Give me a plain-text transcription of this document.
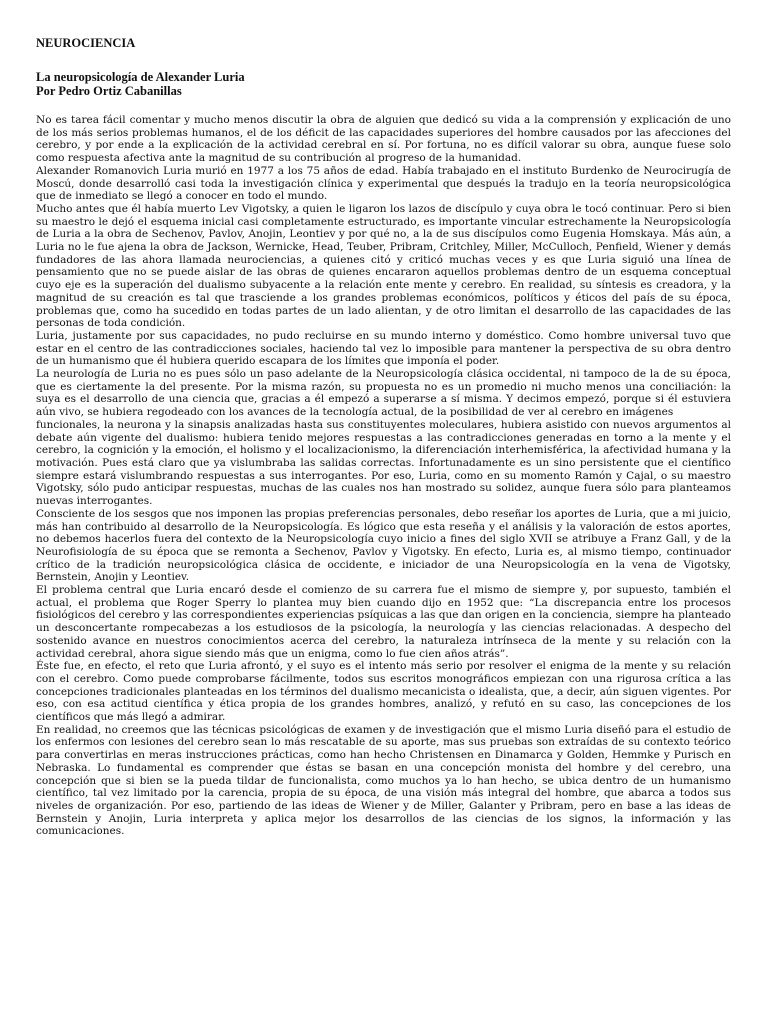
NEUROCIENCIA

La neuropsicología de Alexander Luria

Por Pedro Ortiz Cabanillas

No es tarea fácil comentar y mucho menos discutir la obra de alguien que dedicó su vida a la comprensión y explicación de uno de los más serios problemas humanos, el de los déficit de las capacidades superiores del hombre causados por las afecciones del cerebro, y por ende a la explicación de la actividad cerebral en sí. Por fortuna, no es difícil valorar su obra, aunque fuese solo como respuesta afectiva ante la magnitud de su contribución al progreso de la humanidad.

Alexander Romanovich Luria murió en 1977 a los 75 años de edad. Había trabajado en el instituto Burdenko de Neurocirugía de Moscú, donde desarrolló casi toda la investigación clínica y experimental que después la tradujo en la teoría neuropsicológica que de inmediato se llegó a conocer en todo el mundo.

Mucho antes que él había muerto Lev Vigotsky, a quien le ligaron los lazos de discípulo y cuya obra le tocó continuar. Pero si bien su maestro le dejó el esquema inicial casi completamente estructurado, es importante vincular estrechamente la Neuropsicología de Luria a la obra de Sechenov, Pavlov, Anojin, Leontiev y por qué no, a la de sus discípulos como Eugenia Homskaya. Más aún, a Luria no le fue ajena la obra de Jackson, Wernicke, Head, Teuber, Pribram, Critchley, Miller, McCulloch, Penfield, Wiener y demás fundadores de las ahora llamada neurociencias, a quienes citó y criticó muchas veces y es que Luria siguió una línea de pensamiento que no se puede aislar de las obras de quienes encararon aquellos problemas dentro de un esquema conceptual cuyo eje es la superación del dualismo subyacente a la relación ente mente y cerebro. En realidad, su síntesis es creadora, y la magnitud de su creación es tal que trasciende a los grandes problemas económicos, políticos y éticos del país de su época, problemas que, como ha sucedido en todas partes de un lado alientan, y de otro limitan el desarrollo de las capacidades de las personas de toda condición.

Luria, justamente por sus capacidades, no pudo recluirse en su mundo interno y doméstico. Como hombre universal tuvo que estar en el centro de las contradicciones sociales, haciendo tal vez lo imposible para mantener la perspectiva de su obra dentro de un humanismo que él hubiera querido escapara de los límites que imponía el poder.

La neurología de Luria no es pues sólo un paso adelante de la Neuropsicología clásica occidental, ni tampoco de la de su época, que es ciertamente la del presente. Por la misma razón, su propuesta no es un promedio ni mucho menos una conciliación: la suya es el desarrollo de una ciencia que, gracias a él empezó a superarse a sí misma. Y decimos empezó, porque si él estuviera aún vivo, se hubiera regodeado con los avances de la tecnología actual, de la posibilidad de ver al cerebro en imágenes

funcionales, la neurona y la sinapsis analizadas hasta sus constituyentes moleculares, hubiera asistido con nuevos argumentos al debate aún vigente del dualismo: hubiera tenido mejores respuestas a las contradicciones generadas en torno a la mente y el cerebro, la cognición y la emoción, el holismo y el localizacionismo, la diferenciación interhemisférica, la afectividad humana y la motivación. Pues está claro que ya vislumbraba las salidas correctas. Infortunadamente es un sino persistente que el científico siempre estará vislumbrando respuestas a sus interrogantes. Por eso, Luria, como en su momento Ramón y Cajal, o su maestro Vigotsky, sólo pudo anticipar respuestas, muchas de las cuales nos han mostrado su solidez, aunque fuera sólo para planteamos nuevas interrogantes.

Consciente de los sesgos que nos imponen las propias preferencias personales, debo reseñar los aportes de Luria, que a mi juicio, más han contribuido al desarrollo de la Neuropsicología. Es lógico que esta reseña y el análisis y la valoración de estos aportes, no debemos hacerlos fuera del contexto de la Neuropsicología cuyo inicio a fines del siglo XVII se atribuye a Franz Gall, y de la Neurofisiología de su época que se remonta a Sechenov, Pavlov y Vigotsky. En efecto, Luria es, al mismo tiempo, continuador crítico de la tradición neuropsicológica clásica de occidente, e iniciador de una Neuropsicología en la vena de Vigotsky, Bernstein, Anojin y Leontiev.

El problema central que Luria encaró desde el comienzo de su carrera fue el mismo de siempre y, por supuesto, también el actual, el problema que Roger Sperry lo plantea muy bien cuando dijo en 1952 que: “La discrepancia entre los procesos fisiológicos del cerebro y las correspondientes experiencias psíquicas a las que dan origen en la conciencia, siempre ha planteado un desconcertante rompecabezas a los estudiosos de la psicología, la neurología y las ciencias relacionadas. A despecho del sostenido avance en nuestros conocimientos acerca del cerebro, la naturaleza intrínseca de la mente y su relación con la actividad cerebral, ahora sigue siendo más que un enigma, como lo fue cien años atrás”.

Éste fue, en efecto, el reto que Luria afrontó, y el suyo es el intento más serio por resolver el enigma de la mente y su relación con el cerebro. Como puede comprobarse fácilmente, todos sus escritos monográficos empiezan con una rigurosa crítica a las concepciones tradicionales planteadas en los términos del dualismo mecanicista o idealista, que, a decir, aún siguen vigentes. Por eso, con esa actitud científica y ética propia de los grandes hombres, analizó, y refutó en su caso, las concepciones de los científicos que más llegó a admirar.

En realidad, no creemos que las técnicas psicológicas de examen y de investigación que el mismo Luria diseñó para el estudio de los enfermos con lesiones del cerebro sean lo más rescatable de su aporte, mas sus pruebas son extraídas de su contexto teórico para convertirlas en meras instrucciones prácticas, como han hecho Christensen en Dinamarca y Golden, Hemmke y Purisch en Nebraska. Lo fundamental es comprender que éstas se basan en una concepción monista del hombre y del cerebro, una concepción que si bien se la pueda tildar de funcionalista, como muchos ya lo han hecho, se ubica dentro de un humanismo científico, tal vez limitado por la carencia, propia de su época, de una visión más integral del hombre, que abarca a todos sus niveles de organización. Por eso, partiendo de las ideas de Wiener y de Miller, Galanter y Pribram, pero en base a las ideas de Bernstein y Anojin, Luria interpreta y aplica mejor los desarrollos de las ciencias de los signos, la información y las comunicaciones.
